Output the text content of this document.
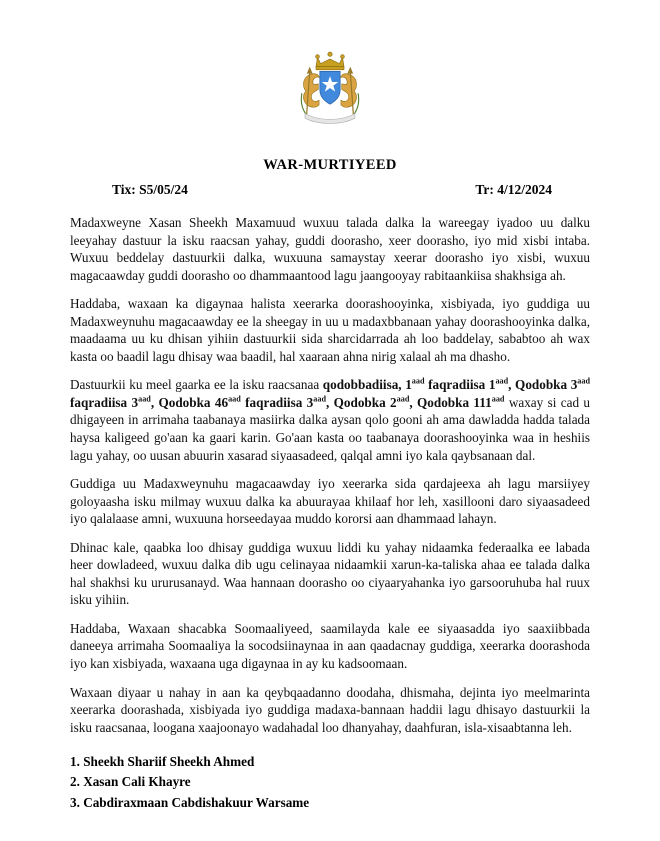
WAR-MURTIYEED
Tix: S5/05/24	Tr: 4/12/2024

Madaxweyne Xasan Sheekh Maxamuud wuxuu talada dalka la wareegay iyadoo uu dalku leeyahay dastuur la isku raacsan yahay, guddi doorasho, xeer doorasho, iyo mid xisbi intaba. Wuxuu beddelay dastuurkii dalka, wuxuuna samaystay xeerar doorasho iyo xisbi, wuxuu magacaawday guddi doorasho oo dhammaantood lagu jaangooyay rabitaankiisa shakhsiga ah.

Haddaba, waxaan ka digaynaa halista xeerarka doorashooyinka, xisbiyada, iyo guddiga uu Madaxweynuhu magacaawday ee la sheegay in uu u madaxbbanaan yahay doorashooyinka dalka, maadaama uu ku dhisan yihiin dastuurkii sida sharcidarrada ah loo baddelay, sababtoo ah wax kasta oo baadil lagu dhisay waa baadil, hal xaaraan ahna nirig xalaal ah ma dhasho.

Dastuurkii ku meel gaarka ee la isku raacsanaa qodobbadiisa, $1^{aad}$ faqradiisa $1^{aad}$, Qodobka $3^{aad}$ faqradiisa $3^{aad}$, Qodobka $46^{aad}$ faqradiisa $3^{aad}$, Qodobka $2^{aad}$, Qodobka $111^{aad}$ waxay si cad u dhigayeen in arrimaha taabanaya masiirka dalka aysan qolo gooni ah ama dawladda hadda talada haysa kaligeed go'aan ka gaari karin. Go'aan kasta oo taabanaya doorashooyinka waa in heshiis lagu yahay, oo uusan abuurin xasarad siyaasadeed, qalqal amni iyo kala qaybsanaan dal.

Guddiga uu Madaxweynuhu magacaawday iyo xeerarka sida qardajeexa ah lagu marsiiyey goloyaasha isku milmay wuxuu dalka ka abuurayaa khilaaf hor leh, xasillooni daro siyaasadeed iyo qalalaase amni, wuxuuna horseedayaa muddo kororsi aan dhammaad lahayn.

Dhinac kale, qaabka loo dhisay guddiga wuxuu liddi ku yahay nidaamka federaalka ee labada heer dowladeed, wuxuu dalka dib ugu celinayaa nidaamkii xarun-ka-taliska ahaa ee talada dalka hal shakhsi ku ururusanayd. Waa hannaan doorasho oo ciyaaryahanka iyo garsooruhuba hal ruux isku yihiin.

Haddaba, Waxaan shacabka Soomaaliyeed, saamilayda kale ee siyaasadda iyo saaxiibbada daneeya arrimaha Soomaaliya la socodsiinaynaa in aan qaadacnay guddiga, xeerarka doorashoda iyo kan xisbiyada, waxaana uga digaynaa in ay ku kadsoomaan.

Waxaan diyaar u nahay in aan ka qeybqaadanno doodaha, dhismaha, dejinta iyo meelmarinta xeerarka doorashada, xisbiyada iyo guddiga madaxa-bannaan haddii lagu dhisayo dastuurkii la isku raacsanaa, loogana xaajoonayo wadahadal loo dhanyahay, daahfuran, isla-xisaabtanna leh.

1. Sheekh Shariif Sheekh Ahmed
2. Xasan Cali Khayre
3. Cabdiraxmaan Cabdishakuur Warsame
